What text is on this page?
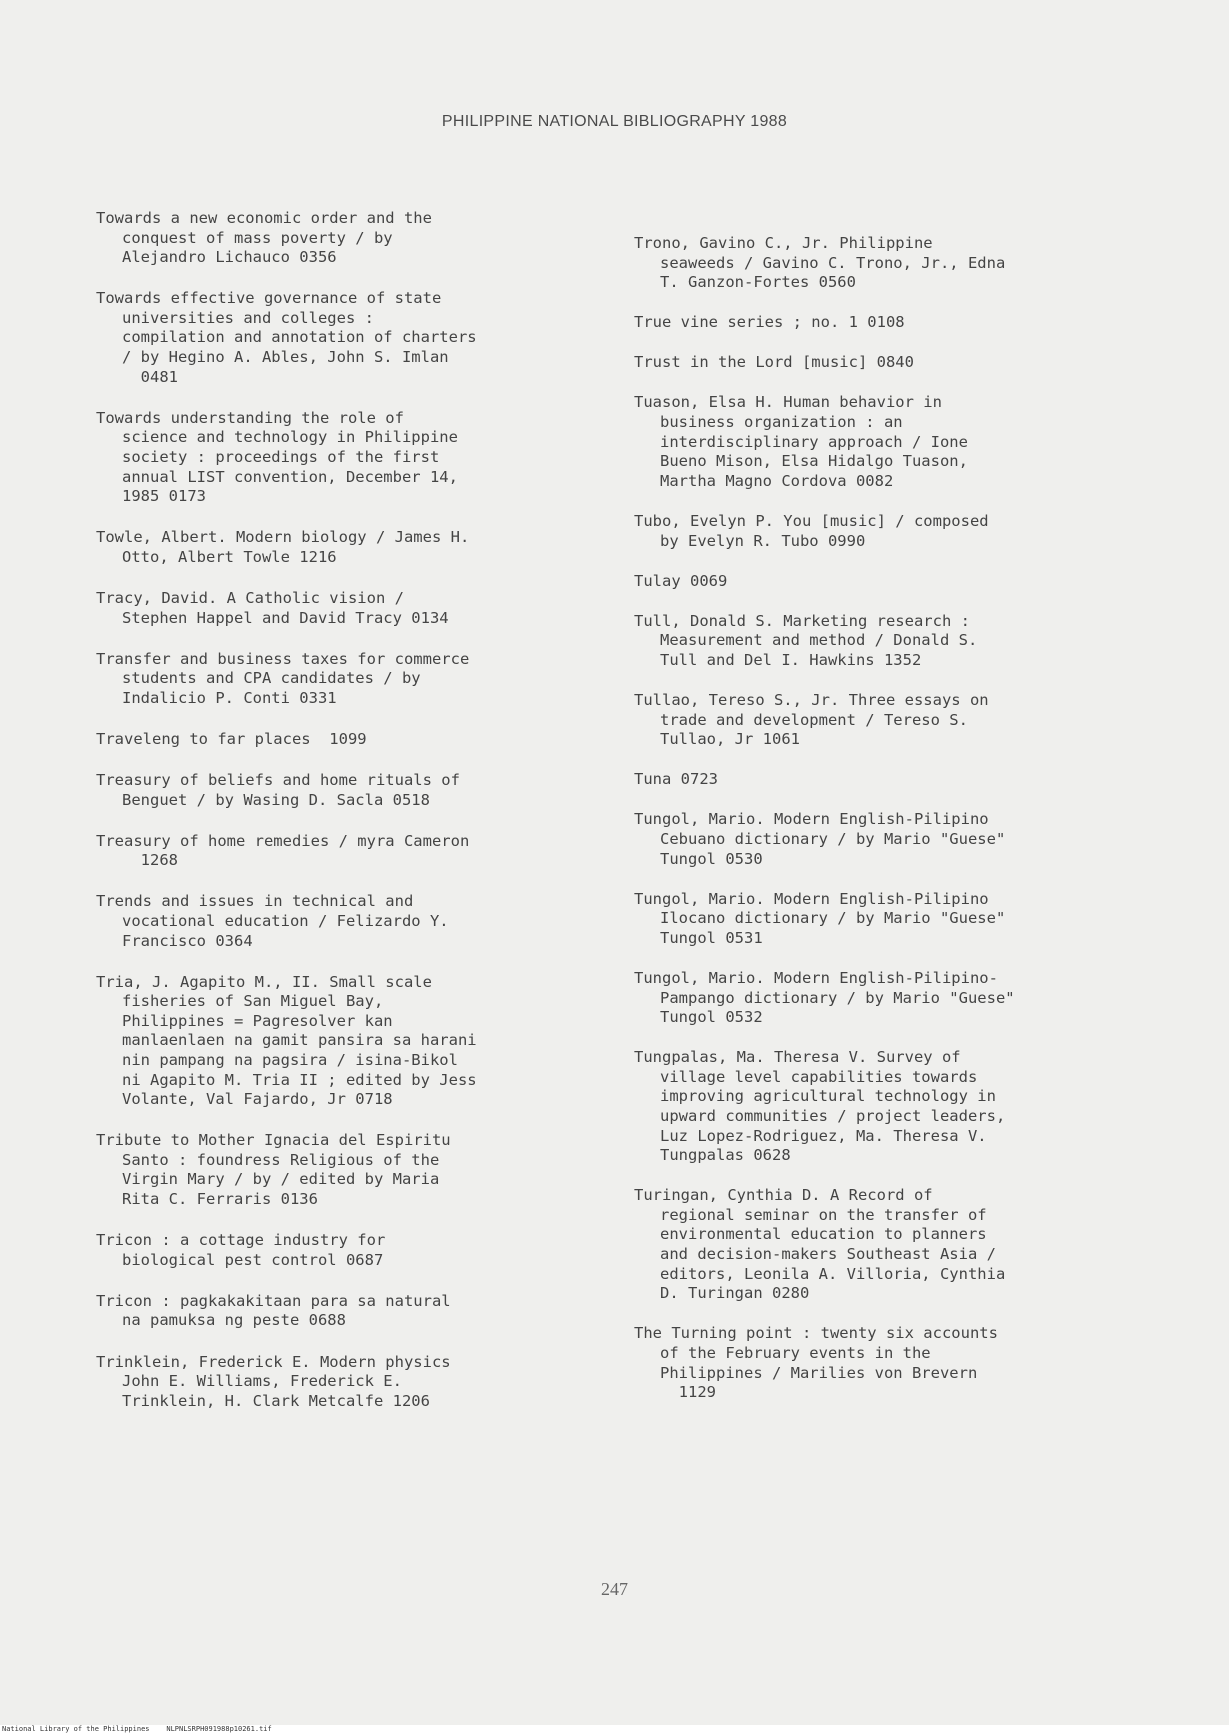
PHILIPPINE NATIONAL BIBLIOGRAPHY 1988

Towards a new economic order and the
conquest of mass poverty / by
Alejandro Lichauco 0356

Towards effective governance of state
universities and colleges :
compilation and annotation of charters
/ by Hegino A. Ables, John S. Imlan
0481

Towards understanding the role of
science and technology in Philippine
society : proceedings of the first
annual LIST convention, December 14,
1985 0173

Towle, Albert. Modern biology / James H.
Otto, Albert Towle 1216

Tracy, David. A Catholic vision /
Stephen Happel and David Tracy 0134

Transfer and business taxes for commerce
students and CPA candidates / by
Indalicio P. Conti 0331

Traveleng to far places  1099

Treasury of beliefs and home rituals of
Benguet / by Wasing D. Sacla 0518

Treasury of home remedies / myra Cameron
1268

Trends and issues in technical and
vocational education / Felizardo Y.
Francisco 0364

Tria, J. Agapito M., II. Small scale
fisheries of San Miguel Bay,
Philippines = Pagresolver kan
manlaenlaen na gamit pansira sa harani
nin pampang na pagsira / isina-Bikol
ni Agapito M. Tria II ; edited by Jess
Volante, Val Fajardo, Jr 0718

Tribute to Mother Ignacia del Espiritu
Santo : foundress Religious of the
Virgin Mary / by / edited by Maria
Rita C. Ferraris 0136

Tricon : a cottage industry for
biological pest control 0687

Tricon : pagkakakitaan para sa natural
na pamuksa ng peste 0688

Trinklein, Frederick E. Modern physics
John E. Williams, Frederick E.
Trinklein, H. Clark Metcalfe 1206

Trono, Gavino C., Jr. Philippine
seaweeds / Gavino C. Trono, Jr., Edna
T. Ganzon-Fortes 0560

True vine series ; no. 1 0108

Trust in the Lord [music] 0840

Tuason, Elsa H. Human behavior in
business organization : an
interdisciplinary approach / Ione
Bueno Mison, Elsa Hidalgo Tuason,
Martha Magno Cordova 0082

Tubo, Evelyn P. You [music] / composed
by Evelyn R. Tubo 0990

Tulay 0069

Tull, Donald S. Marketing research :
Measurement and method / Donald S.
Tull and Del I. Hawkins 1352

Tullao, Tereso S., Jr. Three essays on
trade and development / Tereso S.
Tullao, Jr 1061

Tuna 0723

Tungol, Mario. Modern English-Pilipino
Cebuano dictionary / by Mario "Guese"
Tungol 0530

Tungol, Mario. Modern English-Pilipino
Ilocano dictionary / by Mario "Guese"
Tungol 0531

Tungol, Mario. Modern English-Pilipino-
Pampango dictionary / by Mario "Guese"
Tungol 0532

Tungpalas, Ma. Theresa V. Survey of
village level capabilities towards
improving agricultural technology in
upward communities / project leaders,
Luz Lopez-Rodriguez, Ma. Theresa V.
Tungpalas 0628

Turingan, Cynthia D. A Record of
regional seminar on the transfer of
environmental education to planners
and decision-makers Southeast Asia /
editors, Leonila A. Villoria, Cynthia
D. Turingan 0280

The Turning point : twenty six accounts
of the February events in the
Philippines / Marilies von Brevern
1129

247
National Library of the Philippines    NLPNLSRPH091988p10261.tif
